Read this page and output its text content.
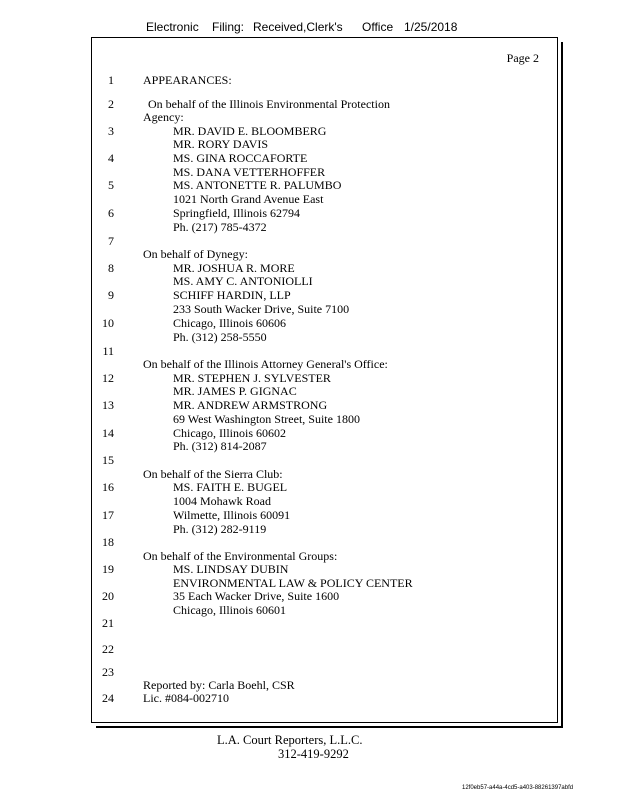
Electronic Filing: Received,Clerk's Office 1/25/2018
Page 2
1
2
3
4
5
6
7
8
9
10
11
12
13
14
15
16
17
18
19
20
21
22
23
24
APPEARANCES:
On behalf of the Illinois Environmental Protection
Agency:
MR. DAVID E. BLOOMBERG
MR. RORY DAVIS
MS. GINA ROCCAFORTE
MS. DANA VETTERHOFFER
MS. ANTONETTE R. PALUMBO
1021 North Grand Avenue East
Springfield, Illinois 62794
Ph. (217) 785-4372
On behalf of Dynegy:
MR. JOSHUA R. MORE
MS. AMY C. ANTONIOLLI
SCHIFF HARDIN, LLP
233 South Wacker Drive, Suite 7100
Chicago, Illinois 60606
Ph. (312) 258-5550
On behalf of the Illinois Attorney General's Office:
MR. STEPHEN J. SYLVESTER
MR. JAMES P. GIGNAC
MR. ANDREW ARMSTRONG
69 West Washington Street, Suite 1800
Chicago, Illinois 60602
Ph. (312) 814-2087
On behalf of the Sierra Club:
MS. FAITH E. BUGEL
1004 Mohawk Road
Wilmette, Illinois 60091
Ph. (312) 282-9119
On behalf of the Environmental Groups:
MS. LINDSAY DUBIN
ENVIRONMENTAL LAW & POLICY CENTER
35 Each Wacker Drive, Suite 1600
Chicago, Illinois 60601
Reported by: Carla Boehl, CSR
Lic. #084-002710
L.A. Court Reporters, L.L.C.
312-419-9292
12f0eb57-a44a-4cd5-a403-88261397abfd
